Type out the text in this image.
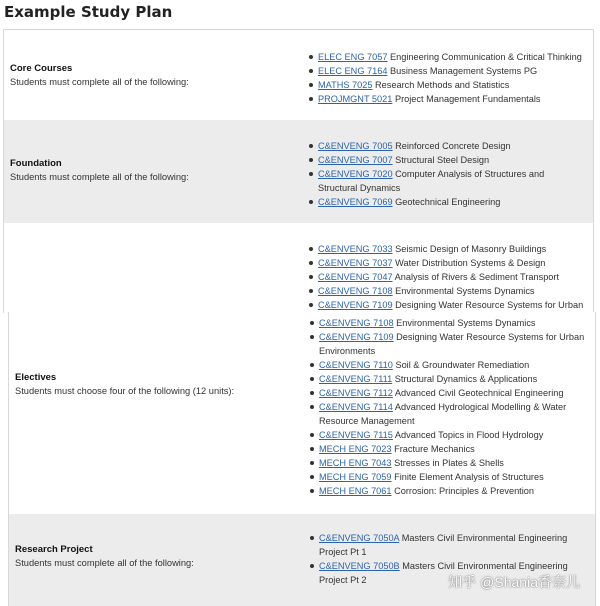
Example Study Plan
Core Courses
Students must complete all of the following:
ELEC ENG 7057 Engineering Communication & Critical Thinking
ELEC ENG 7164 Business Management Systems PG
MATHS 7025 Research Methods and Statistics
PROJMGNT 5021 Project Management Fundamentals
Foundation
Students must complete all of the following:
C&ENVENG 7005 Reinforced Concrete Design
C&ENVENG 7007 Structural Steel Design
C&ENVENG 7020 Computer Analysis of Structures and Structural Dynamics
C&ENVENG 7069 Geotechnical Engineering
C&ENVENG 7033 Seismic Design of Masonry Buildings
C&ENVENG 7037 Water Distribution Systems & Design
C&ENVENG 7047 Analysis of Rivers & Sediment Transport
C&ENVENG 7108 Environmental Systems Dynamics
C&ENVENG 7109 Designing Water Resource Systems for Urban
Electives
Students must choose four of the following (12 units):
C&ENVENG 7108 Environmental Systems Dynamics
C&ENVENG 7109 Designing Water Resource Systems for Urban Environments
C&ENVENG 7110 Soil & Groundwater Remediation
C&ENVENG 7111 Structural Dynamics & Applications
C&ENVENG 7112 Advanced Civil Geotechnical Engineering
C&ENVENG 7114 Advanced Hydrological Modelling & Water Resource Management
C&ENVENG 7115 Advanced Topics in Flood Hydrology
MECH ENG 7023 Fracture Mechanics
MECH ENG 7043 Stresses in Plates & Shells
MECH ENG 7059 Finite Element Analysis of Structures
MECH ENG 7061 Corrosion: Principles & Prevention
Research Project
Students must complete all of the following:
C&ENVENG 7050A Masters Civil Environmental Engineering Project Pt 1
C&ENVENG 7050B Masters Civil Environmental Engineering Project Pt 2	知乎 @Shania香奈儿
